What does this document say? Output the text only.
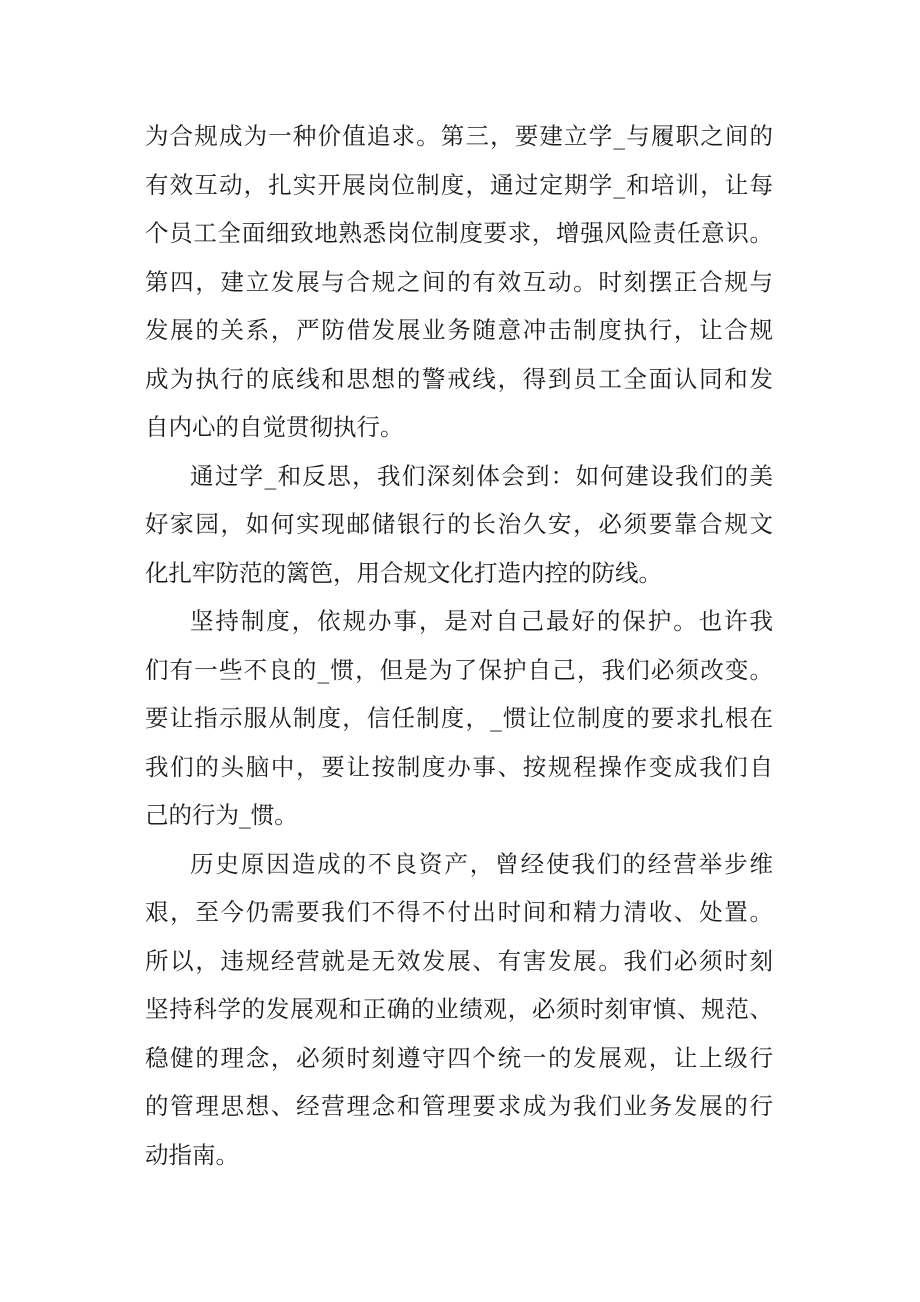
为合规成为一种价值追求。第三，要建立学_与履职之间的
有效互动，扎实开展岗位制度，通过定期学_和培训，让每
个员工全面细致地熟悉岗位制度要求，增强风险责任意识。
第四，建立发展与合规之间的有效互动。时刻摆正合规与
发展的关系，严防借发展业务随意冲击制度执行，让合规
成为执行的底线和思想的警戒线，得到员工全面认同和发
自内心的自觉贯彻执行。
通过学_和反思，我们深刻体会到：如何建设我们的美
好家园，如何实现邮储银行的长治久安，必须要靠合规文
化扎牢防范的篱笆，用合规文化打造内控的防线。
坚持制度，依规办事，是对自己最好的保护。也许我
们有一些不良的_惯，但是为了保护自己，我们必须改变。
要让指示服从制度，信任制度，_惯让位制度的要求扎根在
我们的头脑中，要让按制度办事、按规程操作变成我们自
己的行为_惯。
历史原因造成的不良资产，曾经使我们的经营举步维
艰，至今仍需要我们不得不付出时间和精力清收、处置。
所以，违规经营就是无效发展、有害发展。我们必须时刻
坚持科学的发展观和正确的业绩观，必须时刻审慎、规范、
稳健的理念，必须时刻遵守四个统一的发展观，让上级行
的管理思想、经营理念和管理要求成为我们业务发展的行
动指南。
